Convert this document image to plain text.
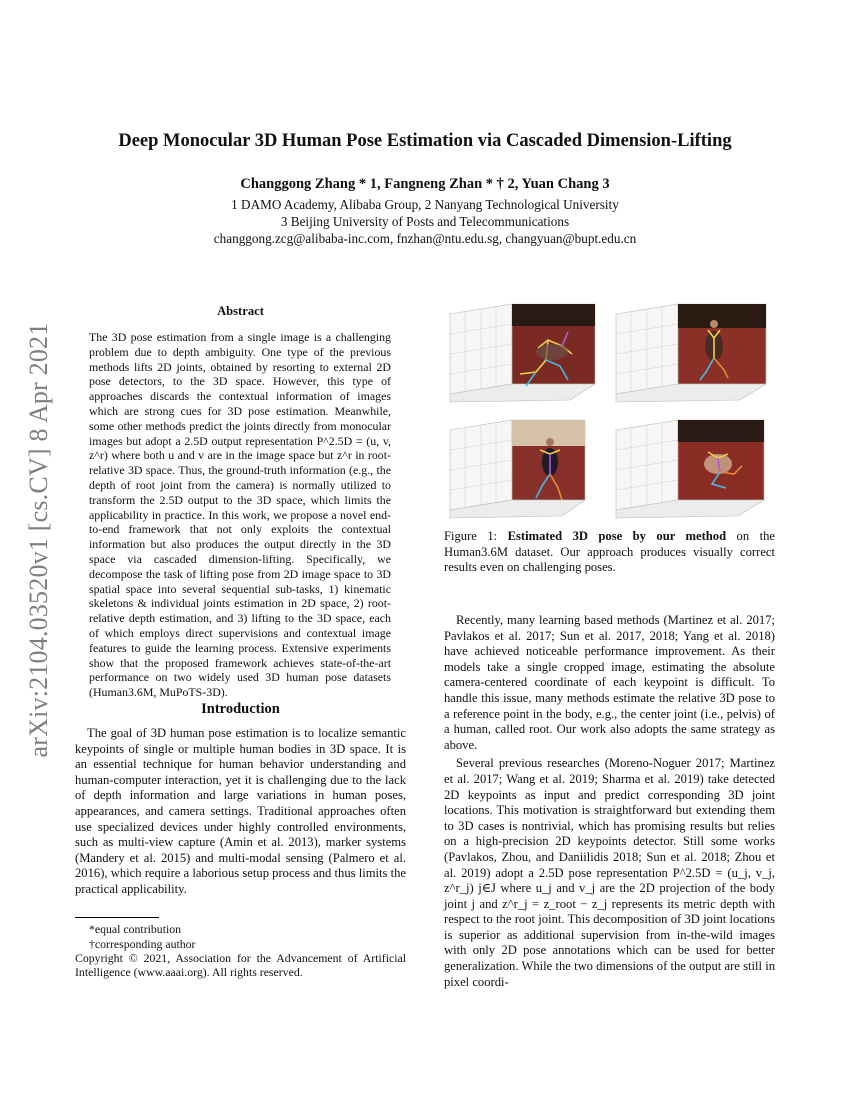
Deep Monocular 3D Human Pose Estimation via Cascaded Dimension-Lifting
Changgong Zhang * 1, Fangneng Zhan * † 2, Yuan Chang 3
1 DAMO Academy, Alibaba Group, 2 Nanyang Technological University
3 Beijing University of Posts and Telecommunications
changgong.zcg@alibaba-inc.com, fnzhan@ntu.edu.sg, changyuan@bupt.edu.cn
arXiv:2104.03520v1 [cs.CV] 8 Apr 2021
Abstract
The 3D pose estimation from a single image is a challenging problem due to depth ambiguity. One type of the previous methods lifts 2D joints, obtained by resorting to external 2D pose detectors, to the 3D space. However, this type of approaches discards the contextual information of images which are strong cues for 3D pose estimation. Meanwhile, some other methods predict the joints directly from monocular images but adopt a 2.5D output representation P^2.5D = (u, v, z^r) where both u and v are in the image space but z^r in root-relative 3D space. Thus, the ground-truth information (e.g., the depth of root joint from the camera) is normally utilized to transform the 2.5D output to the 3D space, which limits the applicability in practice. In this work, we propose a novel end-to-end framework that not only exploits the contextual information but also produces the output directly in the 3D space via cascaded dimension-lifting. Specifically, we decompose the task of lifting pose from 2D image space to 3D spatial space into several sequential sub-tasks, 1) kinematic skeletons & individual joints estimation in 2D space, 2) root-relative depth estimation, and 3) lifting to the 3D space, each of which employs direct supervisions and contextual image features to guide the learning process. Extensive experiments show that the proposed framework achieves state-of-the-art performance on two widely used 3D human pose datasets (Human3.6M, MuPoTS-3D).
Introduction

The goal of 3D human pose estimation is to localize semantic keypoints of single or multiple human bodies in 3D space. It is an essential technique for human behavior understanding and human-computer interaction, yet it is challenging due to the lack of depth information and large variations in human poses, appearances, and camera settings. Traditional approaches often use specialized devices under highly controlled environments, such as multi-view capture (Amin et al. 2013), marker systems (Mandery et al. 2015) and multi-modal sensing (Palmero et al. 2016), which require a laborious setup process and thus limits the practical applicability.

*equal contribution
†corresponding author
Copyright © 2021, Association for the Advancement of Artificial Intelligence (www.aaai.org). All rights reserved.
Figure 1: Estimated 3D pose by our method on the Human3.6M dataset. Our approach produces visually correct results even on challenging poses.

Recently, many learning based methods (Martinez et al. 2017; Pavlakos et al. 2017; Sun et al. 2017, 2018; Yang et al. 2018) have achieved noticeable performance improvement. As their models take a single cropped image, estimating the absolute camera-centered coordinate of each keypoint is difficult. To handle this issue, many methods estimate the relative 3D pose to a reference point in the body, e.g., the center joint (i.e., pelvis) of a human, called root. Our work also adopts the same strategy as above.

Several previous researches (Moreno-Noguer 2017; Martinez et al. 2017; Wang et al. 2019; Sharma et al. 2019) take detected 2D keypoints as input and predict corresponding 3D joint locations. This motivation is straightforward but extending them to 3D cases is nontrivial, which has promising results but relies on a high-precision 2D keypoints detector. Still some works (Pavlakos, Zhou, and Daniilidis 2018; Sun et al. 2018; Zhou et al. 2019) adopt a 2.5D pose representation P^2.5D = (u_j, v_j, z^r_j) j∈J where u_j and v_j are the 2D projection of the body joint j and z^r_j = z_root − z_j represents its metric depth with respect to the root joint. This decomposition of 3D joint locations is superior as additional supervision from in-the-wild images with only 2D pose annotations which can be used for better generalization. While the two dimensions of the output are still in pixel coordi-
